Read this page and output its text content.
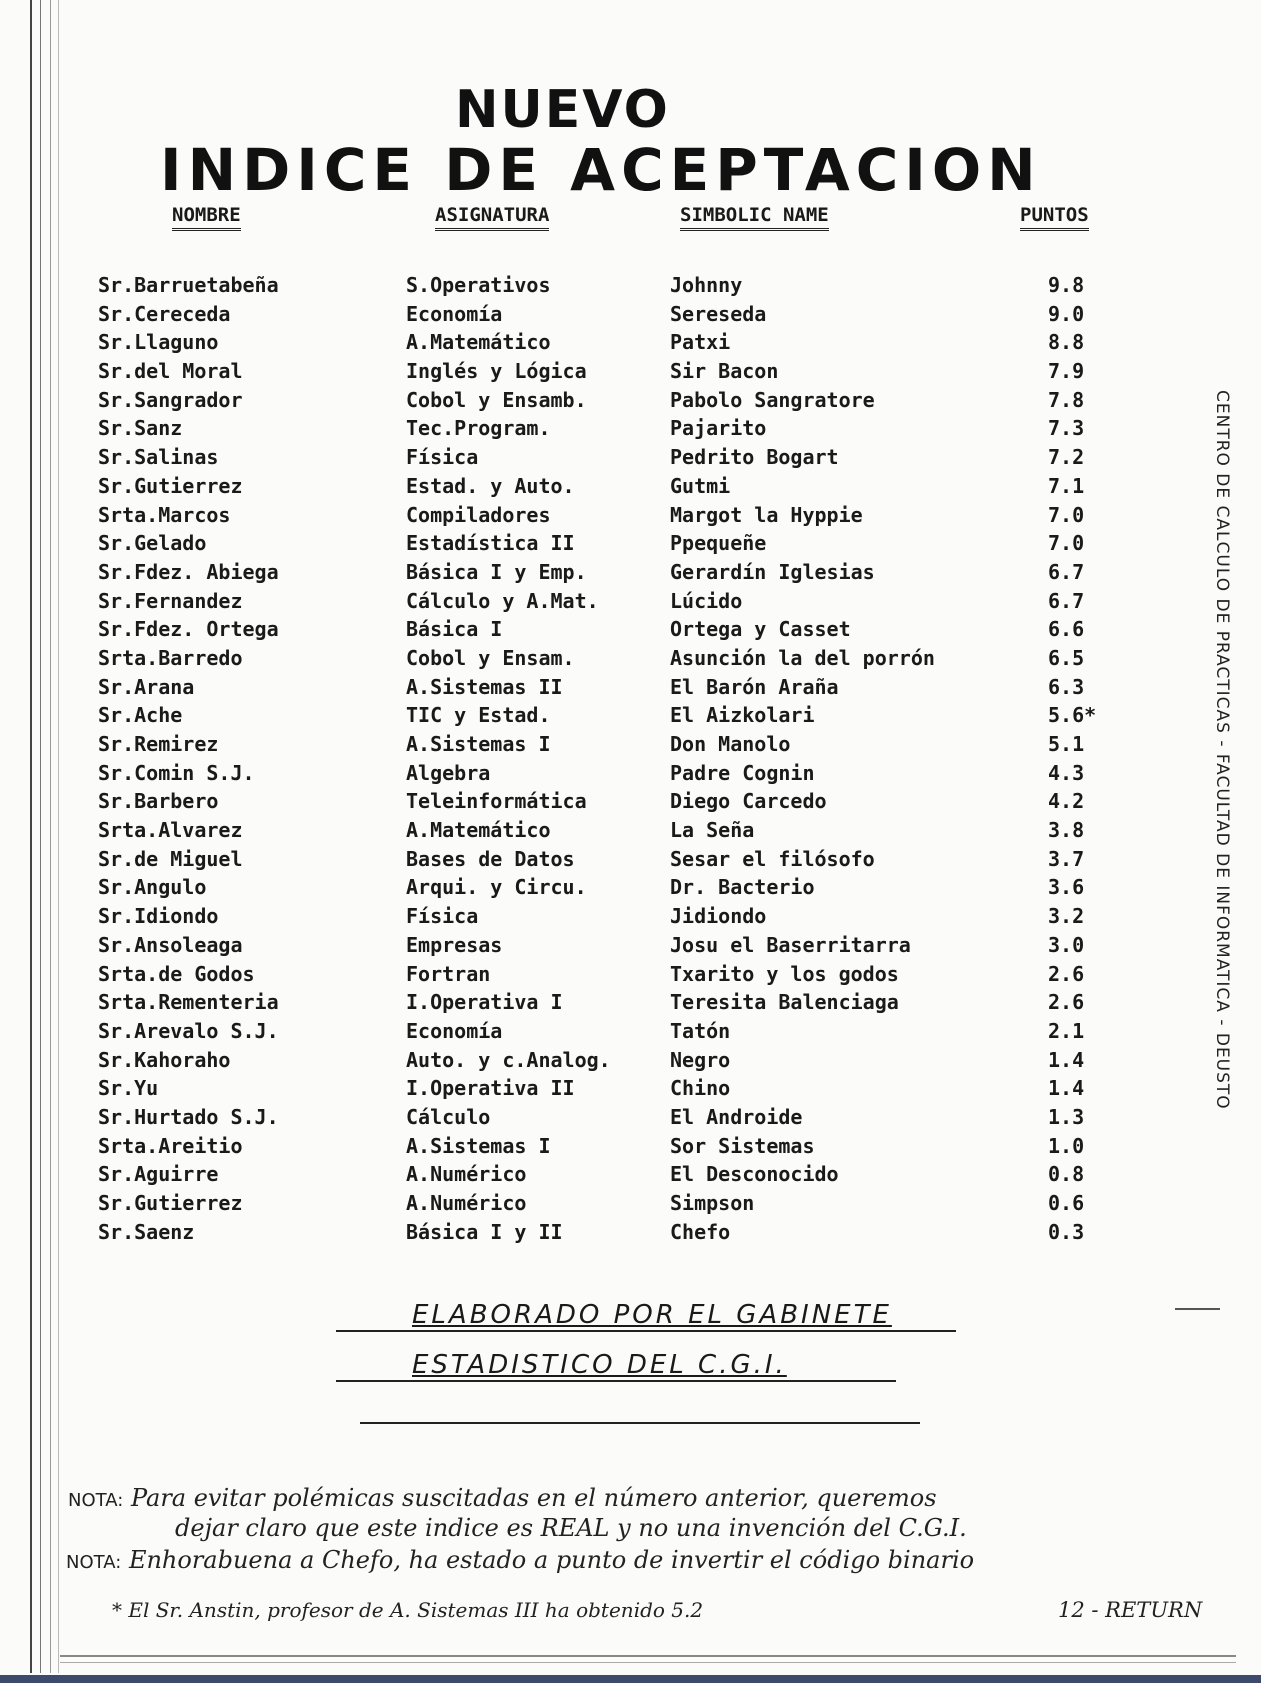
NUEVO
INDICE DE ACEPTACION
NOMBRE	ASIGNATURA	SIMBOLIC NAME	PUNTOS
Sr.Barruetabeña	S.Operativos	Johnny	9.8
Sr.Cereceda	Economía	Sereseda	9.0
Sr.Llaguno	A.Matemático	Patxi	8.8
Sr.del Moral	Inglés y Lógica	Sir Bacon	7.9
Sr.Sangrador	Cobol y Ensamb.	Pabolo Sangratore	7.8
Sr.Sanz	Tec.Program.	Pajarito	7.3
Sr.Salinas	Física	Pedrito Bogart	7.2
Sr.Gutierrez	Estad. y Auto.	Gutmi	7.1
Srta.Marcos	Compiladores	Margot la Hyppie	7.0
Sr.Gelado	Estadística II	Ppequeñe	7.0
Sr.Fdez. Abiega	Básica I y Emp.	Gerardín Iglesias	6.7
Sr.Fernandez	Cálculo y A.Mat.	Lúcido	6.7
Sr.Fdez. Ortega	Básica I	Ortega y Casset	6.6
Srta.Barredo	Cobol y Ensam.	Asunción la del porrón	6.5
Sr.Arana	A.Sistemas II	El Barón Araña	6.3
Sr.Ache	TIC y Estad.	El Aizkolari	5.6*
Sr.Remirez	A.Sistemas I	Don Manolo	5.1
Sr.Comin S.J.	Algebra	Padre Cognin	4.3
Sr.Barbero	Teleinformática	Diego Carcedo	4.2
Srta.Alvarez	A.Matemático	La Seña	3.8
Sr.de Miguel	Bases de Datos	Sesar el filósofo	3.7
Sr.Angulo	Arqui. y Circu.	Dr. Bacterio	3.6
Sr.Idiondo	Física	Jidiondo	3.2
Sr.Ansoleaga	Empresas	Josu el Baserritarra	3.0
Srta.de Godos	Fortran	Txarito y los godos	2.6
Srta.Rementeria	I.Operativa I	Teresita Balenciaga	2.6
Sr.Arevalo S.J.	Economía	Tatón	2.1
Sr.Kahoraho	Auto. y c.Analog.	Negro	1.4
Sr.Yu	I.Operativa II	Chino	1.4
Sr.Hurtado S.J.	Cálculo	El Androide	1.3
Srta.Areitio	A.Sistemas I	Sor Sistemas	1.0
Sr.Aguirre	A.Numérico	El Desconocido	0.8
Sr.Gutierrez	A.Numérico	Simpson	0.6
Sr.Saenz	Básica I y II	Chefo	0.3
CENTRO DE CALCULO DE PRACTICAS - FACULTAD DE INFORMATICA - DEUSTO
ELABORADO POR EL GABINETE
ESTADISTICO DEL C.G.I.
NOTA: Para evitar polémicas suscitadas en el número anterior, queremos
dejar claro que este indice es REAL y no una invención del C.G.I.
NOTA: Enhorabuena a Chefo, ha estado a punto de invertir el código binario
* El Sr. Anstin, profesor de A. Sistemas III ha obtenido 5.2	12 - RETURN
